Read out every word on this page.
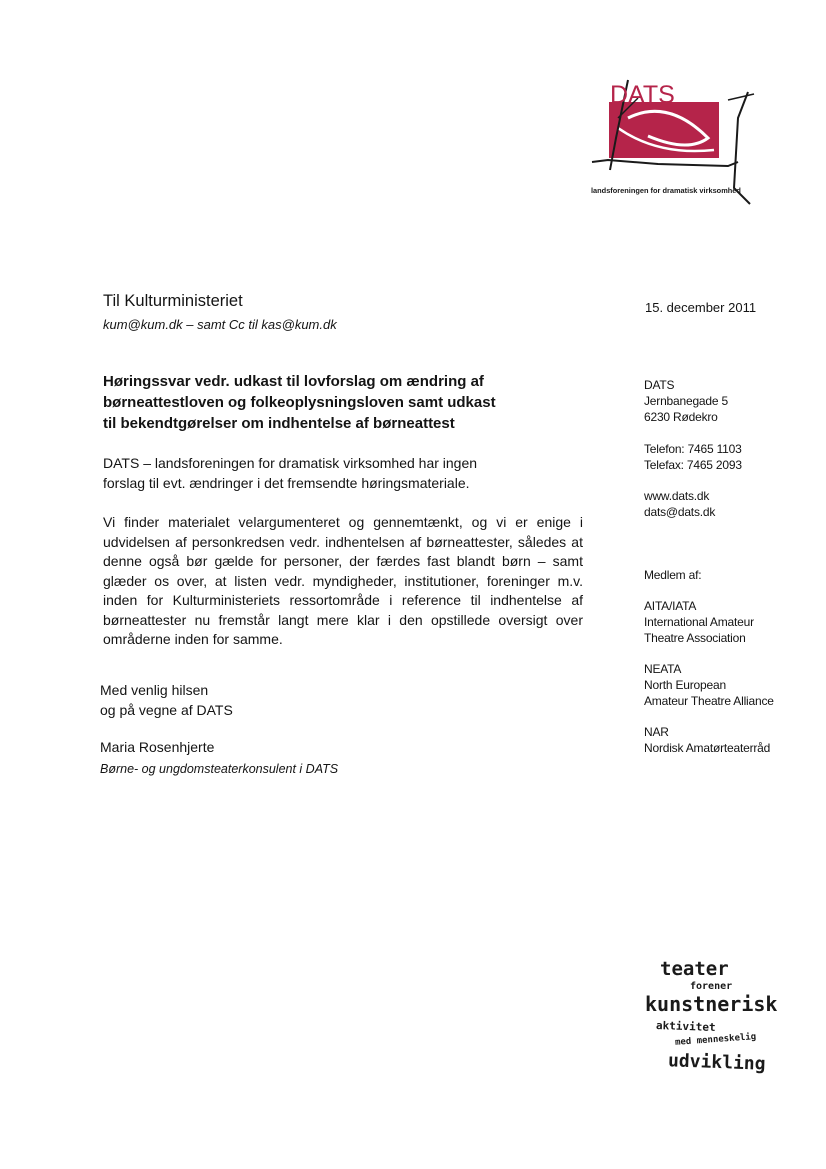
DATS
landsforeningen for dramatisk virksomhed
Til Kulturministeriet
kum@kum.dk – samt Cc til kas@kum.dk
Høringssvar vedr. udkast til lovforslag om ændring af børneattestloven og folkeoplysningsloven samt udkast til bekendtgørelser om indhentelse af børneattest
DATS – landsforeningen for dramatisk virksomhed har ingen forslag til evt. ændringer i det fremsendte høringsmateriale.
Vi finder materialet velargumenteret og gennemtænkt, og vi er enige i udvidelsen af personkredsen vedr. indhentelsen af børneattester, således at denne også bør gælde for personer, der færdes fast blandt børn – samt glæder os over, at listen vedr. myndigheder, institutioner, foreninger m.v. inden for Kulturministeriets ressortområde i reference til indhentelse af børneattester nu fremstår langt mere klar i den opstillede oversigt over områderne inden for samme.
Med venlig hilsen
og på vegne af DATS
Maria Rosenhjerte
Børne- og ungdomsteaterkonsulent i DATS
15. december 2011
DATS
Jernbanegade 5
6230 Rødekro
Telefon: 7465 1103
Telefax: 7465 2093
www.dats.dk
dats@dats.dk
Medlem af:
AITA/IATA
International Amateur
Theatre Association
NEATA
North European
Amateur Theatre Alliance
NAR
Nordisk Amatørteaterråd
teater
forener
kunstnerisk
aktivitet
med menneskelig
udvikling
